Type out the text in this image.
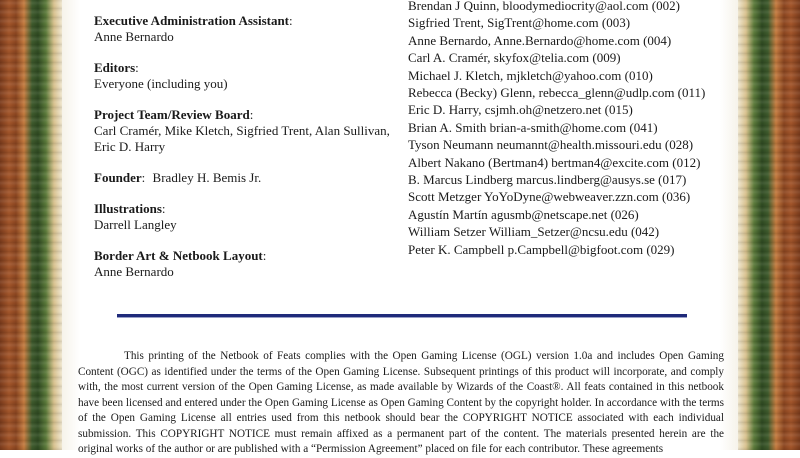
Executive Administration Assistant:
Anne Bernardo
Editors:
Everyone (including you)
Project Team/Review Board:
Carl Cramér, Mike Kletch, Sigfried Trent, Alan Sullivan, Eric D. Harry
Founder: Bradley H. Bemis Jr.
Illustrations:
Darrell Langley
Border Art & Netbook Layout:
Anne Bernardo
Brendan J Quinn, bloodymediocrity@aol.com (002)
Sigfried Trent, SigTrent@home.com (003)
Anne Bernardo, Anne.Bernardo@home.com (004)
Carl A. Cramér, skyfox@telia.com (009)
Michael J. Kletch, mjkletch@yahoo.com (010)
Rebecca (Becky) Glenn, rebecca_glenn@udlp.com (011)
Eric D. Harry, csjmh.oh@netzero.net (015)
Brian A. Smith brian-a-smith@home.com (041)
Tyson Neumann neumannt@health.missouri.edu (028)
Albert Nakano (Bertman4) bertman4@excite.com (012)
B. Marcus Lindberg marcus.lindberg@ausys.se (017)
Scott Metzger YoYoDyne@webweaver.zzn.com (036)
Agustín Martín agusmb@netscape.net (026)
William Setzer William_Setzer@ncsu.edu (042)
Peter K. Campbell p.Campbell@bigfoot.com (029)

This printing of the Netbook of Feats complies with the Open Gaming License (OGL) version 1.0a and includes Open Gaming Content (OGC) as identified under the terms of the Open Gaming License. Subsequent printings of this product will incorporate, and comply with, the most current version of the Open Gaming License, as made available by Wizards of the Coast®. All feats contained in this netbook have been licensed and entered under the Open Gaming License as Open Gaming Content by the copyright holder. In accordance with the terms of the Open Gaming License all entries used from this netbook should bear the COPYRIGHT NOTICE associated with each individual submission. This COPYRIGHT NOTICE must remain affixed as a permanent part of the content. The materials presented herein are the original works of the author or are published with a “Permission Agreement” placed on file for each contributor. These agreements
